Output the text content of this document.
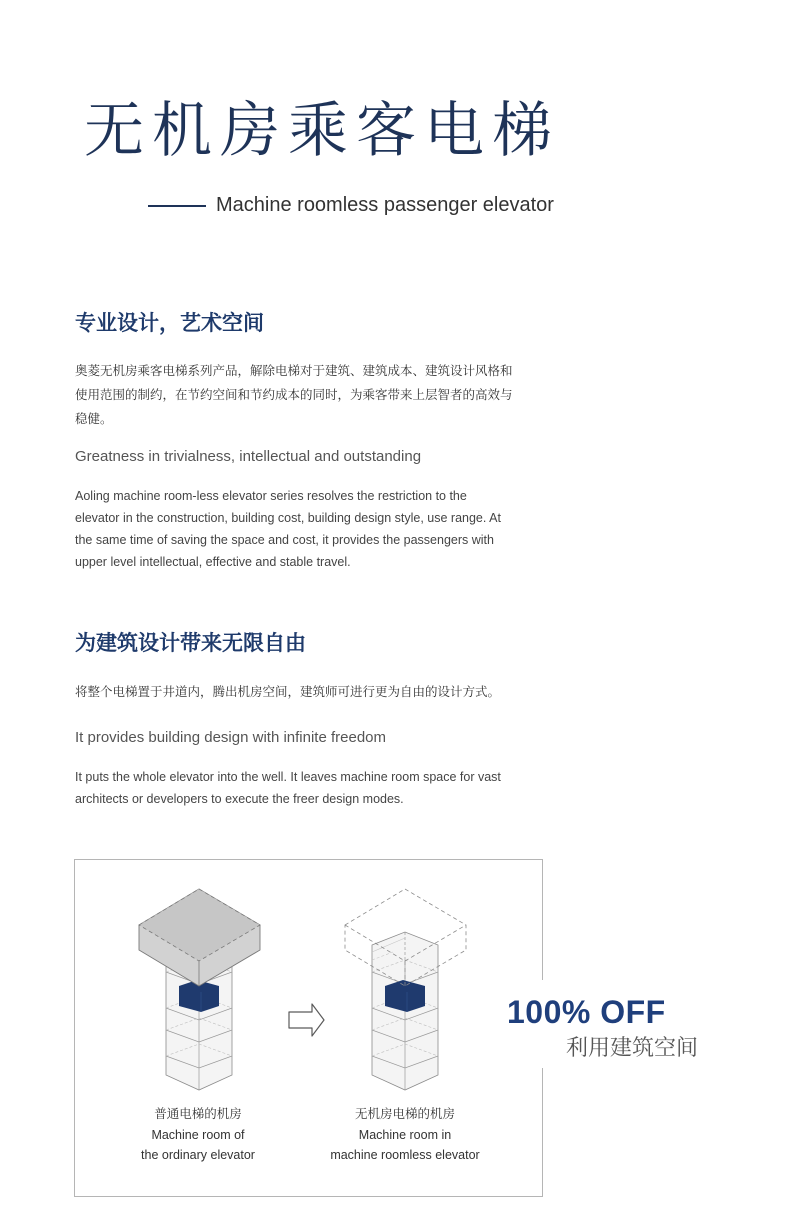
无机房乘客电梯
Machine roomless passenger elevator
专业设计，艺术空间
奥菱无机房乘客电梯系列产品，解除电梯对于建筑、建筑成本、建筑设计风格和
使用范围的制约，在节约空间和节约成本的同时，为乘客带来上层智者的高效与
稳健。
Greatness in trivialness, intellectual and outstanding
Aoling machine room-less elevator series resolves the restriction to the
elevator in the construction, building cost, building design style, use range. At
the same time of saving the space and cost, it provides the passengers with
upper level intellectual, effective and stable travel.
为建筑设计带来无限自由
将整个电梯置于井道内，腾出机房空间，建筑师可进行更为自由的设计方式。
It provides building design with infinite freedom
It puts the whole elevator into the well. It leaves machine room space for vast
architects or developers to execute the freer design modes.
普通电梯的机房
Machine room of
the ordinary elevator
无机房电梯的机房
Machine room in
machine roomless elevator
100% OFF
利用建筑空间
